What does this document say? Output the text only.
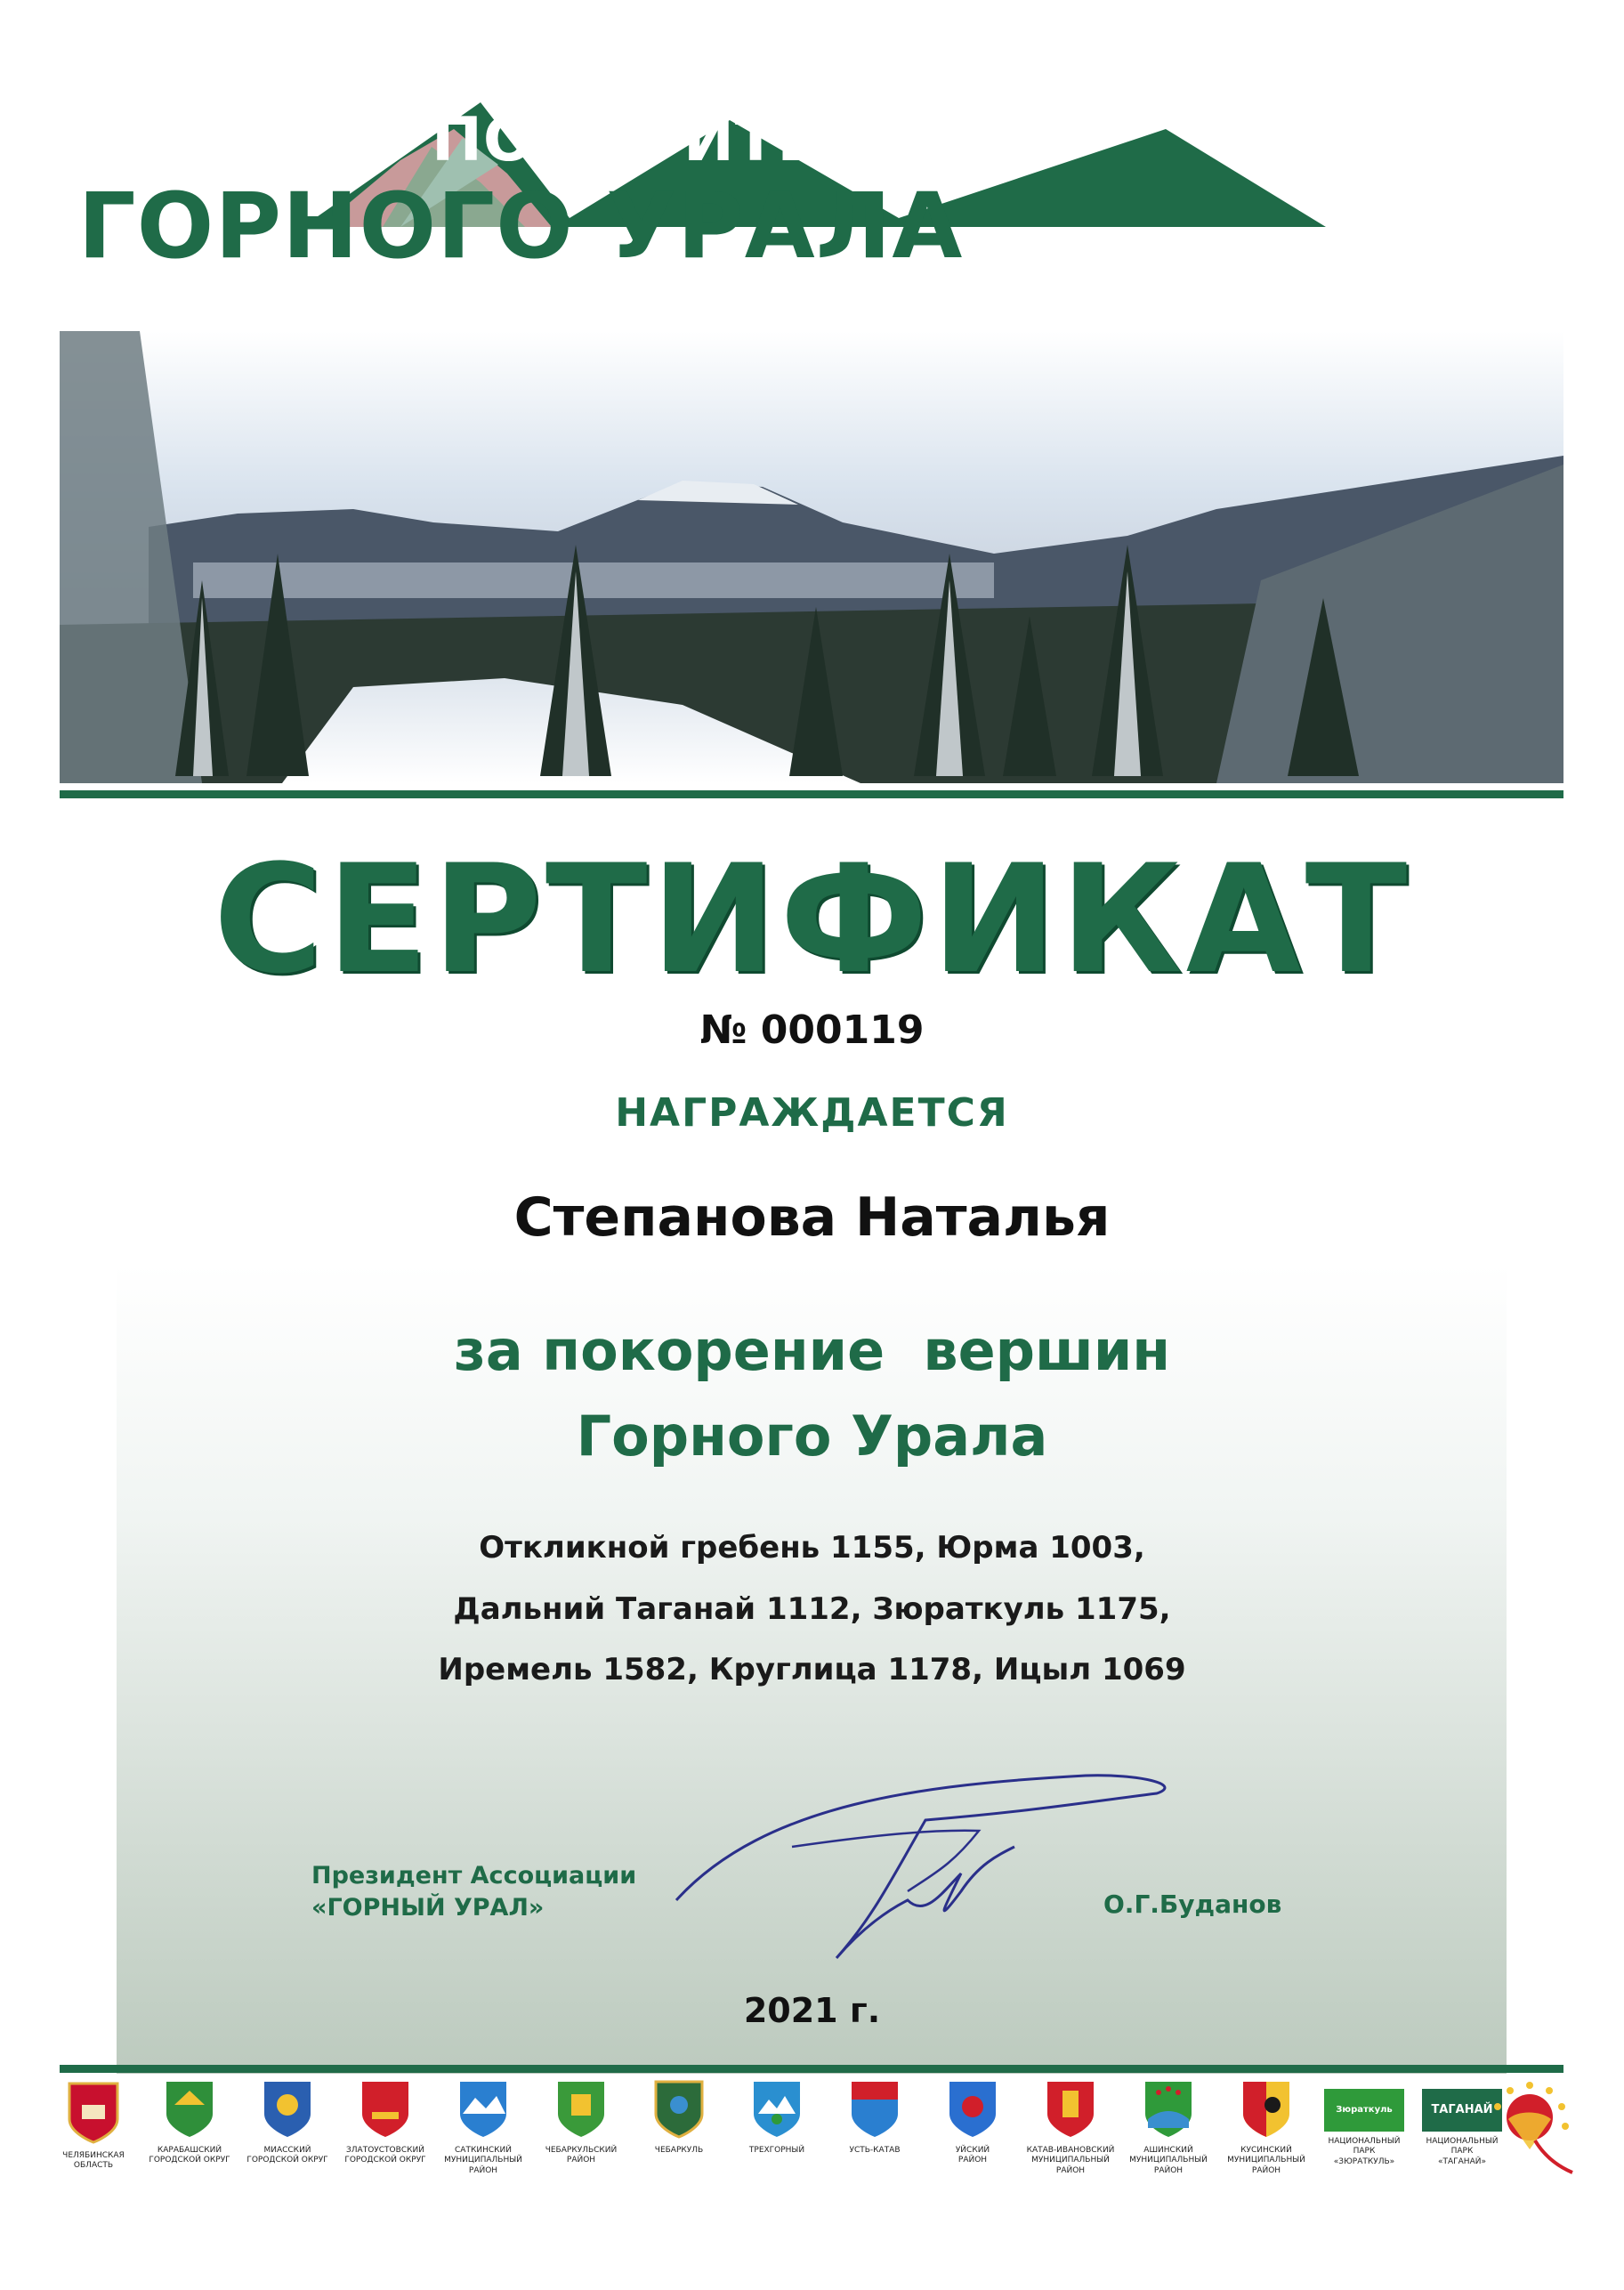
ПОКОРИТЕЛЬ

ГОРНОГО УРАЛА

СЕРТИФИКАТ

№ 000119

НАГРАЖДАЕТСЯ

Степанова Наталья

за покорение  вершин
Горного Урала
Откликной гребень 1155, Юрма 1003,
Дальний Таганай 1112, Зюраткуль 1175,
Иремель 1582, Круглица 1178, Ицыл 1069
Президент Ассоциации
«ГОРНЫЙ УРАЛ»	О.Г.Буданов

2021 г.

ЧЕЛЯБИНСКАЯ
ОБЛАСТЬ
КАРАБАШСКИЙ
ГОРОДСКОЙ ОКРУГ
МИАССКИЙ
ГОРОДСКОЙ ОКРУГ
ЗЛАТОУСТОВСКИЙ
ГОРОДСКОЙ ОКРУГ
САТКИНСКИЙ
МУНИЦИПАЛЬНЫЙ
РАЙОН
ЧЕБАРКУЛЬСКИЙ
РАЙОН
ЧЕБАРКУЛЬ	ТРЕХГОРНЫЙ	УСТЬ-КАТАВ	УЙСКИЙ
РАЙОН
КАТАВ-ИВАНОВСКИЙ
МУНИЦИПАЛЬНЫЙ
РАЙОН
АШИНСКИЙ
МУНИЦИПАЛЬНЫЙ
РАЙОН
КУСИНСКИЙ
МУНИЦИПАЛЬНЫЙ
РАЙОН
Зюраткуль
НАЦИОНАЛЬНЫЙ
ПАРК
«ЗЮРАТКУЛЬ»
ТАГАНАЙ
НАЦИОНАЛЬНЫЙ
ПАРК
«ТАГАНАЙ»
